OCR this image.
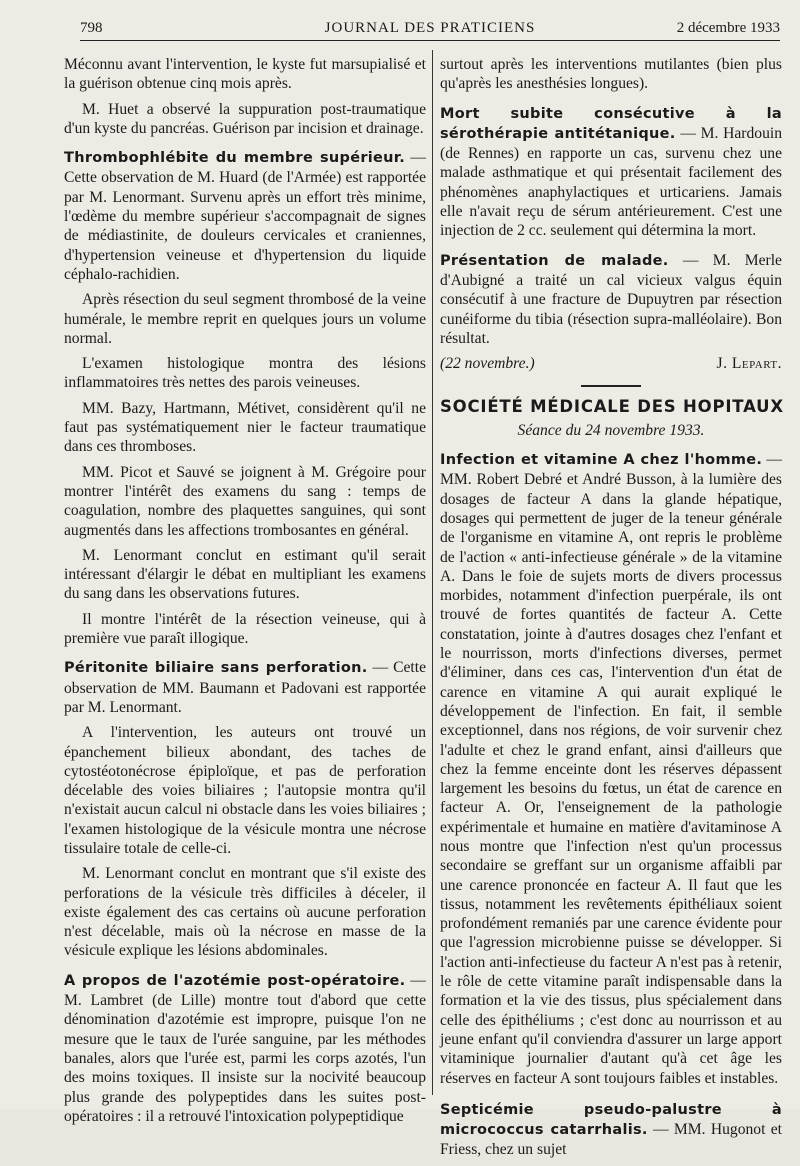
798	JOURNAL DES PRATICIENS	2 décembre 1933

Méconnu avant l'intervention, le kyste fut marsupialisé et la guérison obtenue cinq mois après.

M. Huet a observé la suppuration post-traumatique d'un kyste du pancréas. Guérison par incision et drainage.

Thrombophlébite du membre supérieur. — Cette observation de M. Huard (de l'Armée) est rapportée par M. Lenormant. Survenu après un effort très minime, l'œdème du membre supérieur s'accompagnait de signes de médiastinite, de douleurs cervicales et craniennes, d'hypertension veineuse et d'hypertension du liquide céphalo-rachidien.

Après résection du seul segment thrombosé de la veine humérale, le membre reprit en quelques jours un volume normal.

L'examen histologique montra des lésions inflammatoires très nettes des parois veineuses.

MM. Bazy, Hartmann, Métivet, considèrent qu'il ne faut pas systématiquement nier le facteur traumatique dans ces thromboses.

MM. Picot et Sauvé se joignent à M. Grégoire pour montrer l'intérêt des examens du sang : temps de coagulation, nombre des plaquettes sanguines, qui sont augmentés dans les affections trombosantes en général.

M. Lenormant conclut en estimant qu'il serait intéressant d'élargir le débat en multipliant les examens du sang dans les observations futures.

Il montre l'intérêt de la résection veineuse, qui à première vue paraît illogique.

Péritonite biliaire sans perforation. — Cette observation de MM. Baumann et Padovani est rapportée par M. Lenormant.

A l'intervention, les auteurs ont trouvé un épanchement bilieux abondant, des taches de cytostéotonécrose épiploïque, et pas de perforation décelable des voies biliaires ; l'autopsie montra qu'il n'existait aucun calcul ni obstacle dans les voies biliaires ; l'examen histologique de la vésicule montra une nécrose tissulaire totale de celle-ci.

M. Lenormant conclut en montrant que s'il existe des perforations de la vésicule très difficiles à déceler, il existe également des cas certains où aucune perforation n'est décelable, mais où la nécrose en masse de la vésicule explique les lésions abdominales.

A propos de l'azotémie post-opératoire. — M. Lambret (de Lille) montre tout d'abord que cette dénomination d'azotémie est impropre, puisque l'on ne mesure que le taux de l'urée sanguine, par les méthodes banales, alors que l'urée est, parmi les corps azotés, l'un des moins toxiques. Il insiste sur la nocivité beaucoup plus grande des polypeptides dans les suites post-opératoires : il a retrouvé l'intoxication polypeptidique

surtout après les interventions mutilantes (bien plus qu'après les anesthésies longues).

Mort subite consécutive à la sérothérapie antitétanique. — M. Hardouin (de Rennes) en rapporte un cas, survenu chez une malade asthmatique et qui présentait facilement des phénomènes anaphylactiques et urticariens. Jamais elle n'avait reçu de sérum antérieurement. C'est une injection de 2 cc. seulement qui détermina la mort.

Présentation de malade. — M. Merle d'Aubigné a traité un cal vicieux valgus équin consécutif à une fracture de Dupuytren par résection cunéiforme du tibia (résection supra-malléolaire). Bon résultat.

(22 novembre.)	J. Lepart.
SOCIÉTÉ MÉDICALE DES HOPITAUX
Séance du 24 novembre 1933.

Infection et vitamine A chez l'homme. — MM. Robert Debré et André Busson, à la lumière des dosages de facteur A dans la glande hépatique, dosages qui permettent de juger de la teneur générale de l'organisme en vitamine A, ont repris le problème de l'action « anti-infectieuse générale » de la vitamine A. Dans le foie de sujets morts de divers processus morbides, notamment d'infection puerpérale, ils ont trouvé de fortes quantités de facteur A. Cette constatation, jointe à d'autres dosages chez l'enfant et le nourrisson, morts d'infections diverses, permet d'éliminer, dans ces cas, l'intervention d'un état de carence en vitamine A qui aurait expliqué le développement de l'infection. En fait, il semble exceptionnel, dans nos régions, de voir survenir chez l'adulte et chez le grand enfant, ainsi d'ailleurs que chez la femme enceinte dont les réserves dépassent largement les besoins du fœtus, un état de carence en facteur A. Or, l'enseignement de la pathologie expérimentale et humaine en matière d'avitaminose A nous montre que l'infection n'est qu'un processus secondaire se greffant sur un organisme affaibli par une carence prononcée en facteur A. Il faut que les tissus, notamment les revêtements épithéliaux soient profondément remaniés par une carence évidente pour que l'agression microbienne puisse se développer. Si l'action anti-infectieuse du facteur A n'est pas à retenir, le rôle de cette vitamine paraît indispensable dans la formation et la vie des tissus, plus spécialement dans celle des épithéliums ; c'est donc au nourrisson et au jeune enfant qu'il conviendra d'assurer un large apport vitaminique journalier d'autant qu'à cet âge les réserves en facteur A sont toujours faibles et instables.

Septicémie pseudo-palustre à micrococcus catarrhalis. — MM. Hugonot et Friess, chez un sujet
